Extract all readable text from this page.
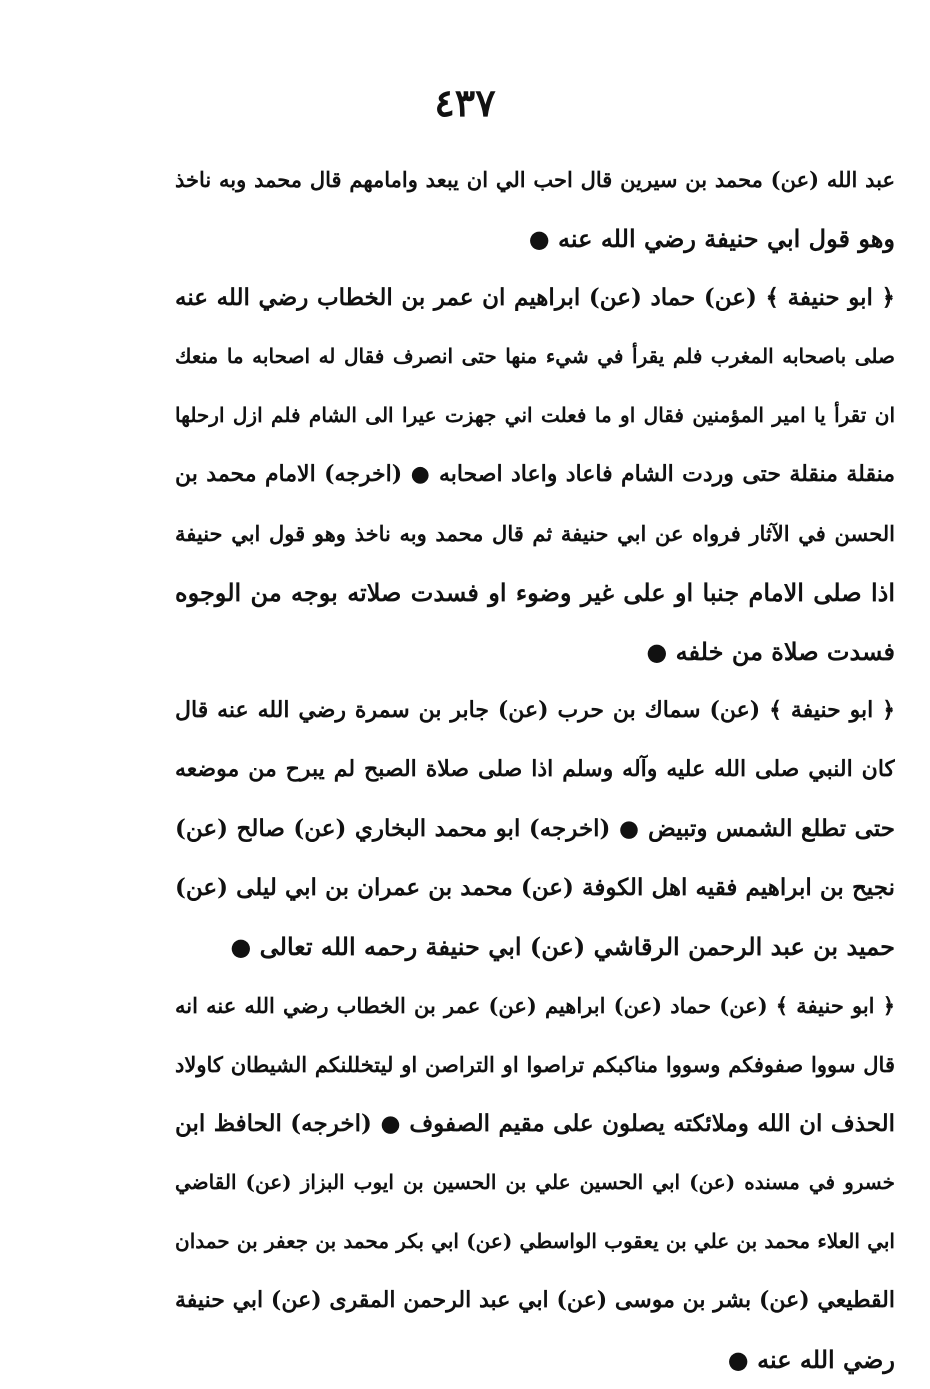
٤٣٧
عبد الله (عن) محمد بن سيرين قال احب الي ان يبعد وامامهم قال محمد وبه ناخذ
وهو قول ابي حنيفة رضي الله عنه ●
﴿ ابو حنيفة ﴾ (عن) حماد (عن) ابراهيم ان عمر بن الخطاب رضي الله عنه
صلى باصحابه المغرب فلم يقرأ في شيء منها حتى انصرف فقال له اصحابه ما منعك
ان تقرأ يا امير المؤمنين فقال او ما فعلت اني جهزت عيرا الى الشام فلم ازل ارحلها
منقلة منقلة حتى وردت الشام فاعاد واعاد اصحابه ● (اخرجه) الامام محمد بن
الحسن في الآثار فرواه عن ابي حنيفة ثم قال محمد وبه ناخذ وهو قول ابي حنيفة
اذا صلى الامام جنبا او على غير وضوء او فسدت صلاته بوجه من الوجوه
فسدت صلاة من خلفه ●
﴿ ابو حنيفة ﴾ (عن) سماك بن حرب (عن) جابر بن سمرة رضي الله عنه قال
كان النبي صلى الله عليه وآله وسلم اذا صلى صلاة الصبح لم يبرح من موضعه
حتى تطلع الشمس وتبيض ● (اخرجه) ابو محمد البخاري (عن) صالح (عن)
نجيح بن ابراهيم فقيه اهل الكوفة (عن) محمد بن عمران بن ابي ليلى (عن)
حميد بن عبد الرحمن الرقاشي (عن) ابي حنيفة رحمه الله تعالى ●
﴿ ابو حنيفة ﴾ (عن) حماد (عن) ابراهيم (عن) عمر بن الخطاب رضي الله عنه انه
قال سووا صفوفكم وسووا مناكبكم تراصوا او التراصن او ليتخللنكم الشيطان كاولاد
الحذف ان الله وملائكته يصلون على مقيم الصفوف ● (اخرجه) الحافظ ابن
خسرو في مسنده (عن) ابي الحسين علي بن الحسين بن ايوب البزاز (عن) القاضي
ابي العلاء محمد بن علي بن يعقوب الواسطي (عن) ابي بكر محمد بن جعفر بن حمدان
القطيعي (عن) بشر بن موسى (عن) ابي عبد الرحمن المقرى (عن) ابي حنيفة
رضي الله عنه ●
